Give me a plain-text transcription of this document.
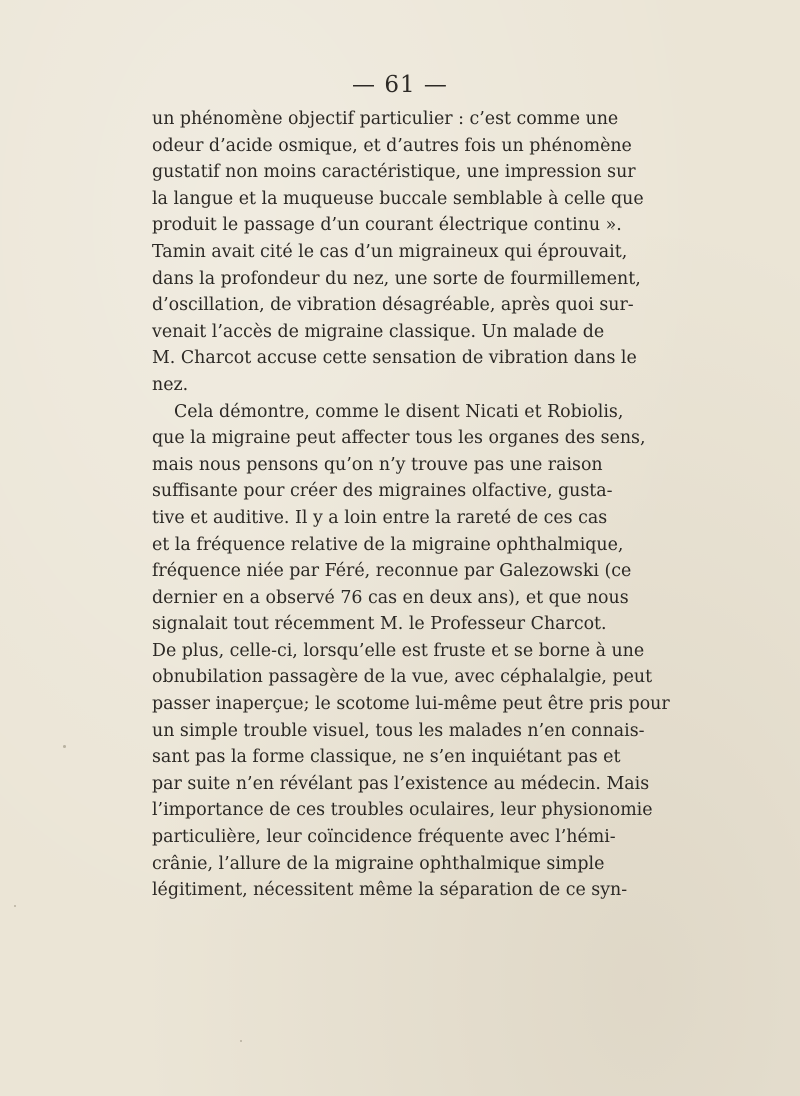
— 61 —
un phénomène objectif particulier : c’est comme une
odeur d’acide osmique, et d’autres fois un phénomène
gustatif non moins caractéristique, une impression sur
la langue et la muqueuse buccale semblable à celle que
produit le passage d’un courant électrique continu ».
Tamin avait cité le cas d’un migraineux qui éprouvait,
dans la profondeur du nez, une sorte de fourmillement,
d’oscillation, de vibration désagréable, après quoi sur-
venait l’accès de migraine classique. Un malade de
M. Charcot accuse cette sensation de vibration dans le
nez.
Cela démontre, comme le disent Nicati et Robiolis,
que la migraine peut affecter tous les organes des sens,
mais nous pensons qu’on n’y trouve pas une raison
suffisante pour créer des migraines olfactive, gusta-
tive et auditive. Il y a loin entre la rareté de ces cas
et la fréquence relative de la migraine ophthalmique,
fréquence niée par Féré, reconnue par Galezowski (ce
dernier en a observé 76 cas en deux ans), et que nous
signalait tout récemment M. le Professeur Charcot.
De plus, celle-ci, lorsqu’elle est fruste et se borne à une
obnubilation passagère de la vue, avec céphalalgie, peut
passer inaperçue; le scotome lui-même peut être pris pour
un simple trouble visuel, tous les malades n’en connais-
sant pas la forme classique, ne s’en inquiétant pas et
par suite n’en révélant pas l’existence au médecin. Mais
l’importance de ces troubles oculaires, leur physionomie
particulière, leur coïncidence fréquente avec l’hémi-
crânie, l’allure de la migraine ophthalmique simple
légitiment, nécessitent même la séparation de ce syn-
